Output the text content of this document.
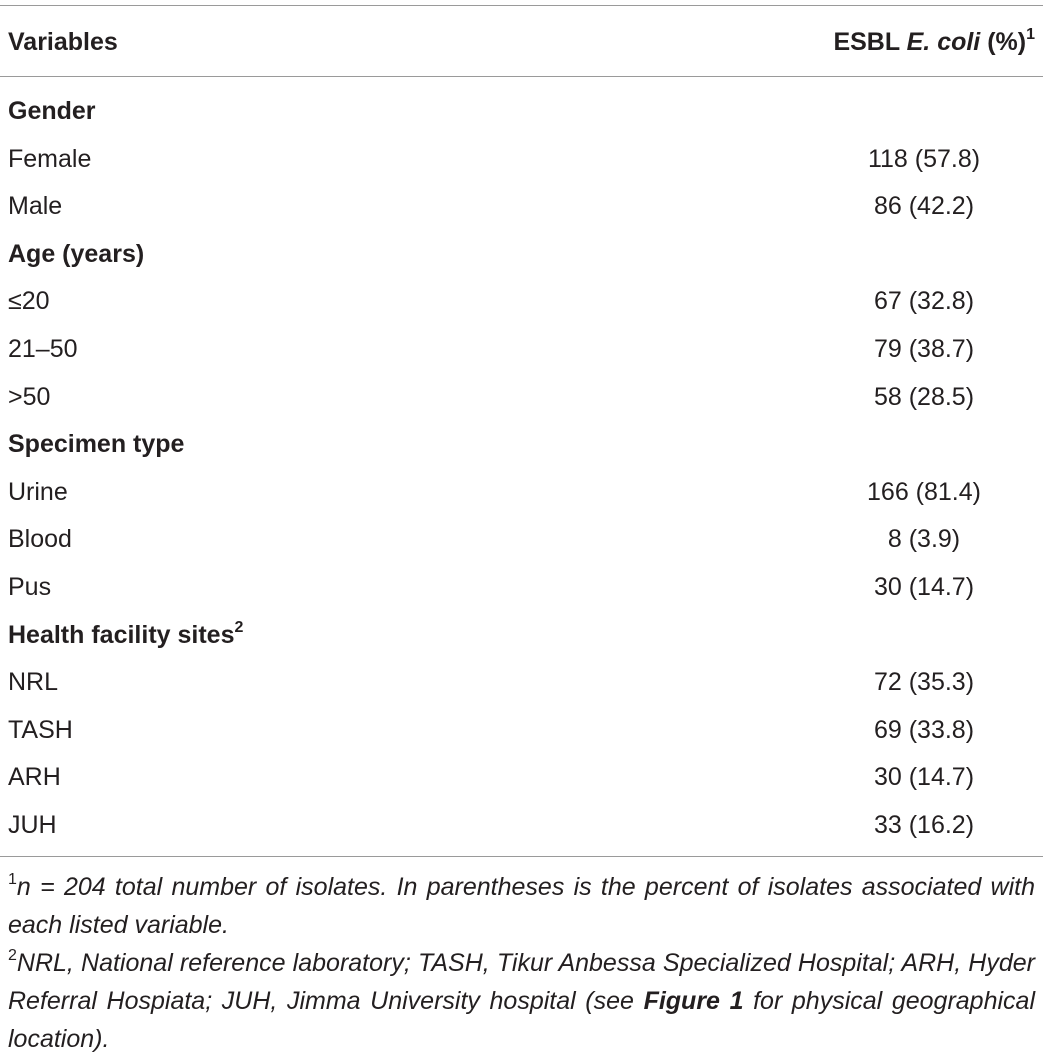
Variables	ESBL E. coli (%)$^1$
Gender
Female	118 (57.8)
Male	86 (42.2)
Age (years)
≤20	67 (32.8)
21–50	79 (38.7)
>50	58 (28.5)
Specimen type
Urine	166 (81.4)
Blood	8 (3.9)
Pus	30 (14.7)
Health facility sites$^2$
NRL	72 (35.3)
TASH	69 (33.8)
ARH	30 (14.7)
JUH	33 (16.2)

$^1$n = 204 total number of isolates. In parentheses is the percent of isolates associated with each listed variable.

$^2$NRL, National reference laboratory; TASH, Tikur Anbessa Specialized Hospital; ARH, Hyder Referral Hospiata; JUH, Jimma University hospital (see Figure 1 for physical geographical location).
